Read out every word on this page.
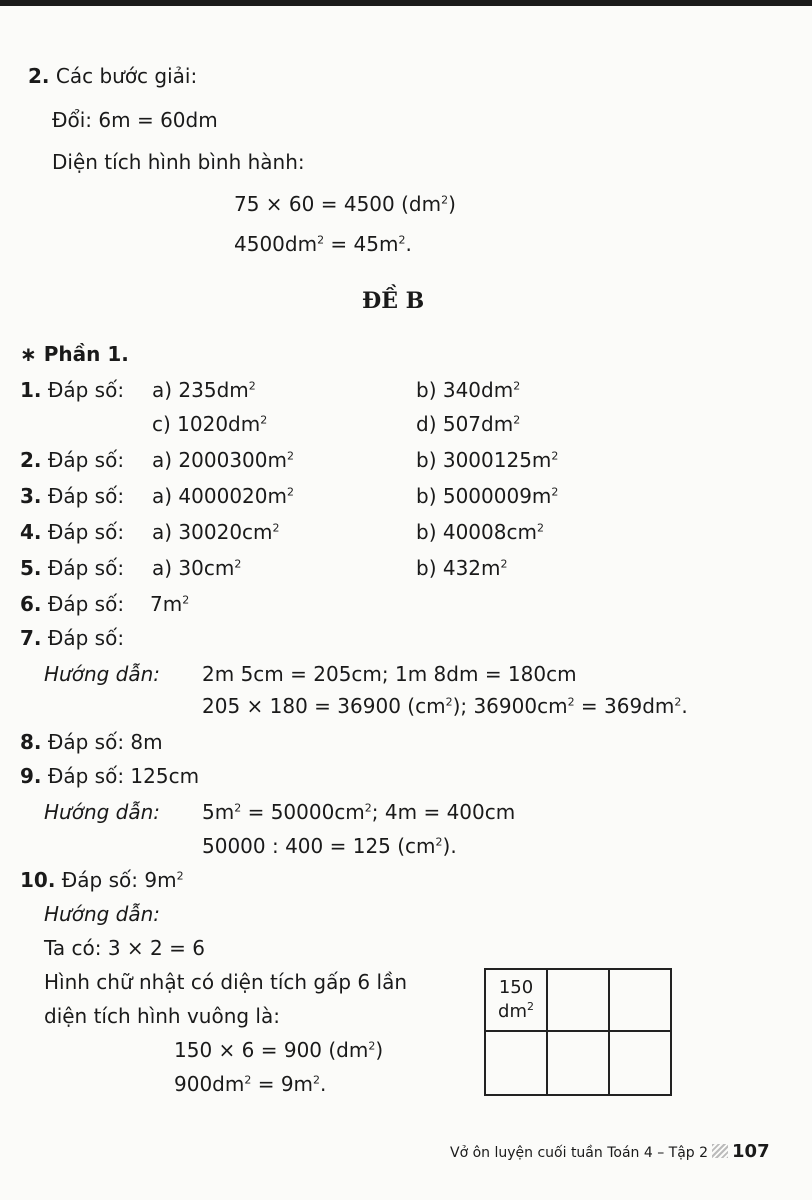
2. Các bước giải:
Đổi: 6m = 60dm
Diện tích hình bình hành:
75 × 60 = 4500 $(dm^2)$
$4500dm^2 = 45m^2$.
ĐỀ B
∗ Phần 1.
1. Đáp số: a) $235dm^2$	b) $340dm^2$
c) $1020dm^2$	d) $507dm^2$
2. Đáp số: a) $2000300m^2$	b) $3000125m^2$
3. Đáp số: a) $4000020m^2$	b) $5000009m^2$
4. Đáp số: a) $30020cm^2$	b) $40008cm^2$
5. Đáp số: a) $30cm^2$	b) $432m^2$
6. Đáp số: $7m^2$
7. Đáp số:
Hướng dẫn: 2m 5cm = 205cm; 1m 8dm = 180cm
205 × 180 = 36900 $(cm^2)$; $36900cm^2 = 369dm^2$.
8. Đáp số: 8m
9. Đáp số: 125cm
Hướng dẫn: $5m^2 = 50000cm^2$; 4m = 400cm
50000 : 400 = 125 $(cm^2)$.
10. Đáp số: $9m^2$
Hướng dẫn:
Ta có: 3 × 2 = 6
Hình chữ nhật có diện tích gấp 6 lần
diện tích hình vuông là:
150 × 6 = 900 $(dm^2)$
$900dm^2 = 9m^2$.
150
$dm^2$
Vở ôn luyện cuối tuần Toán 4 – Tập 2 107
